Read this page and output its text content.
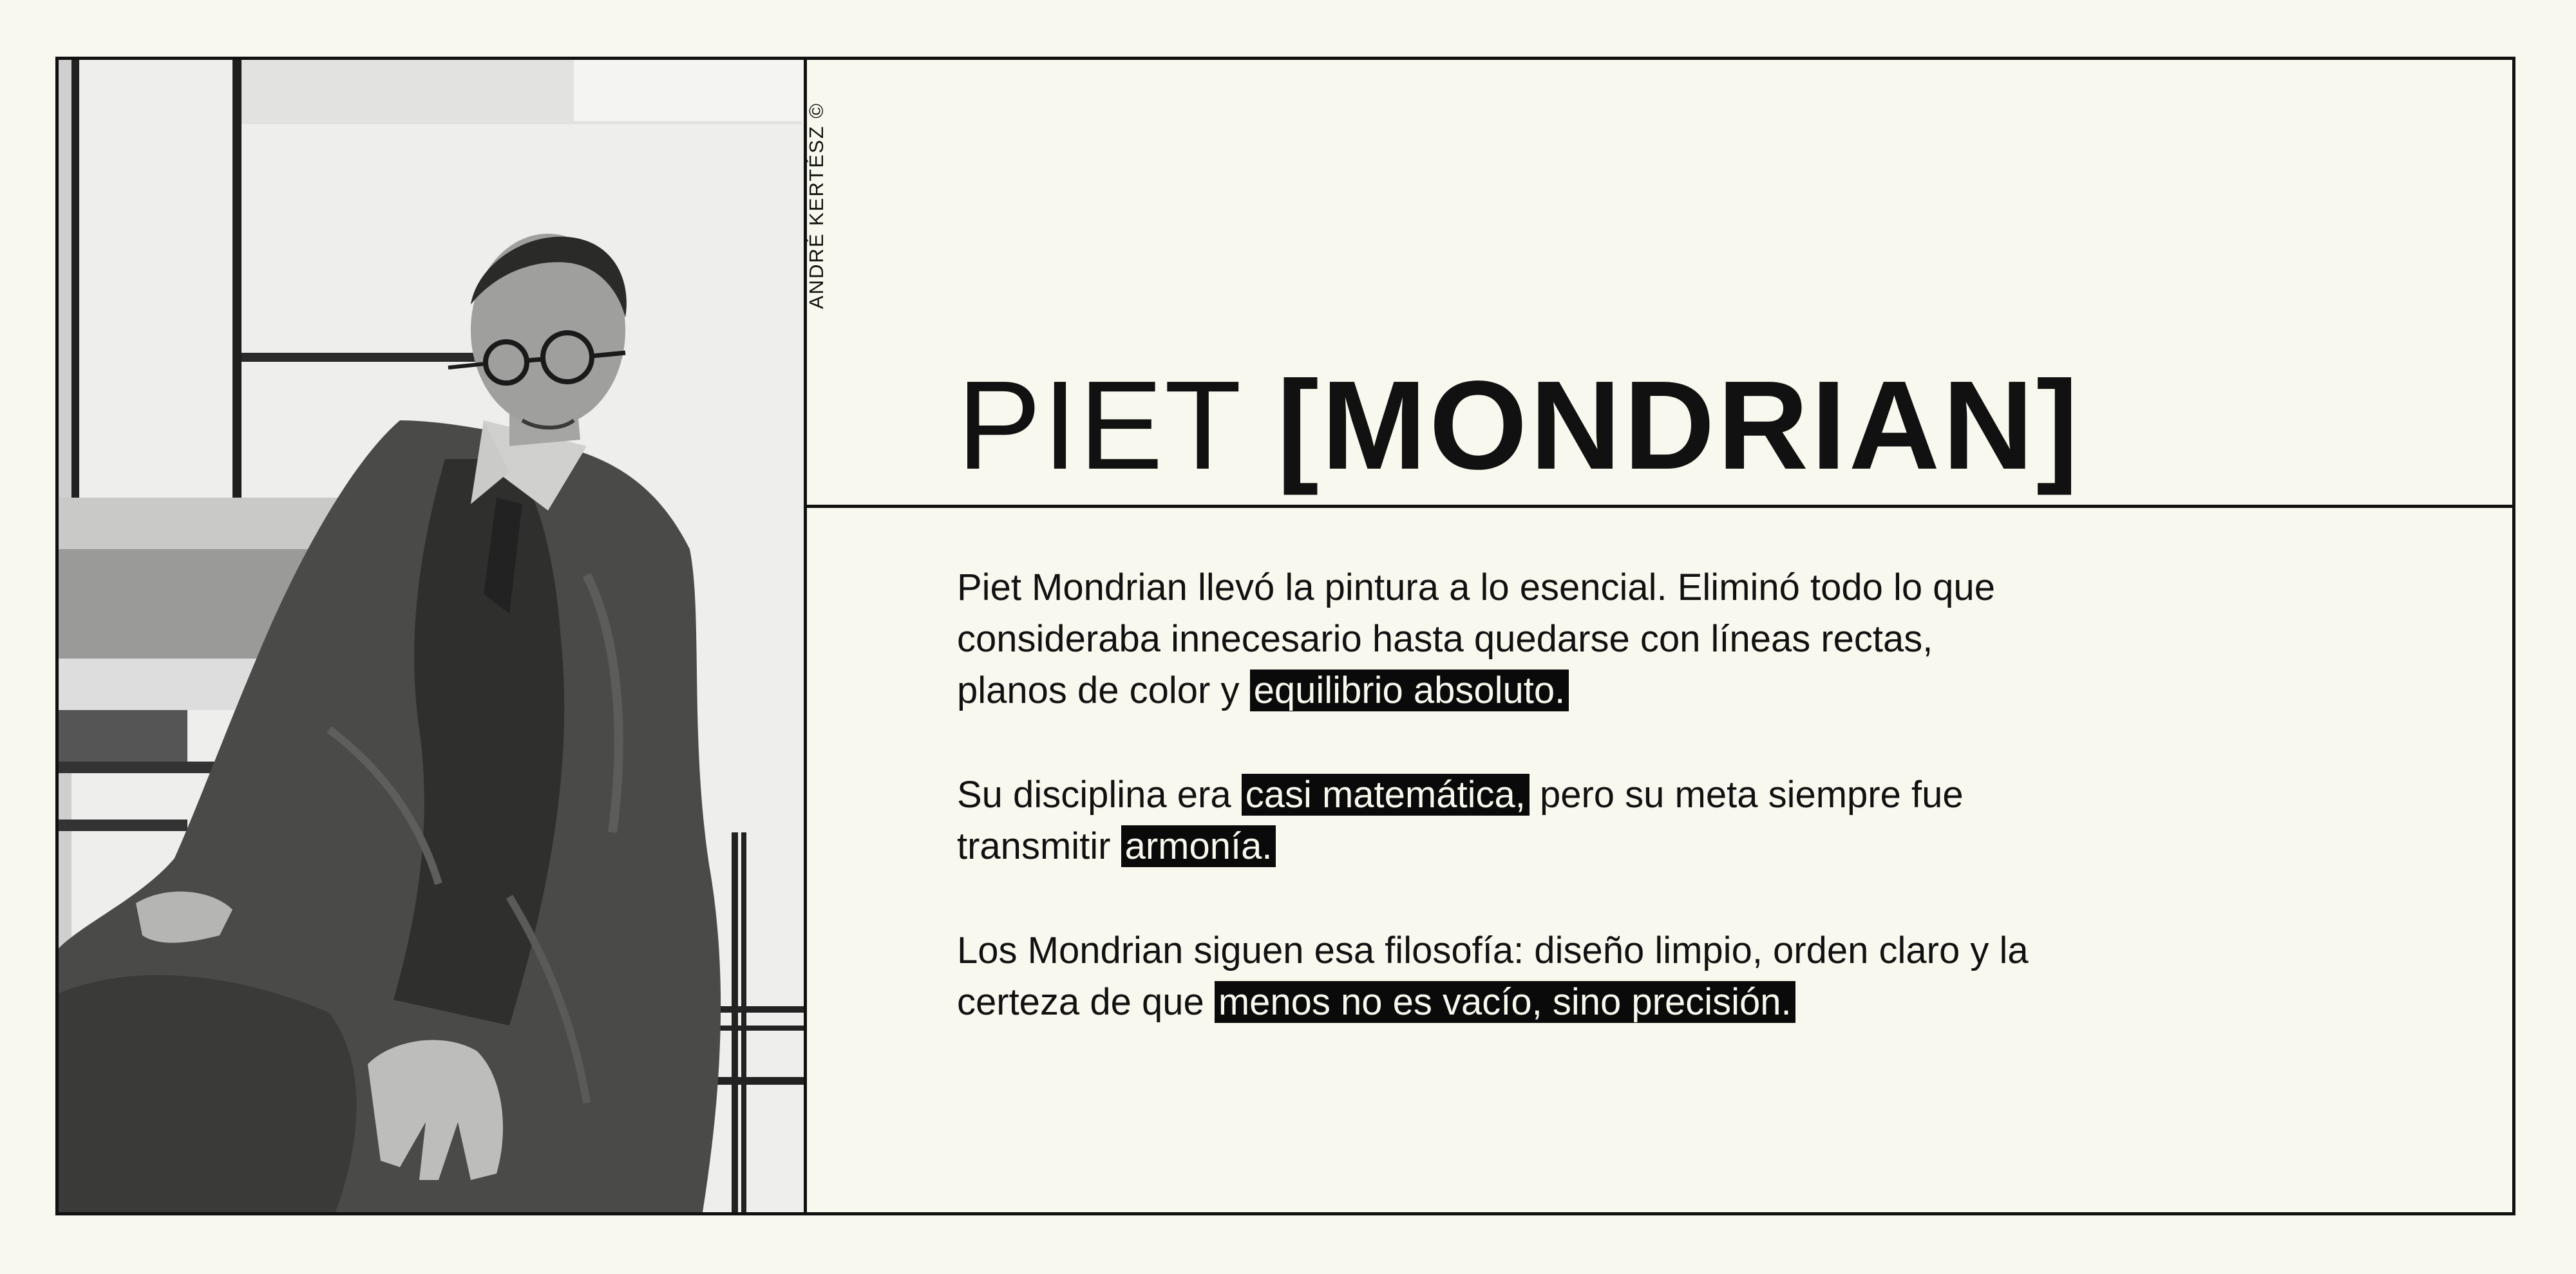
PIET [MONDRIAN]

Piet Mondrian llevó la pintura a lo esencial. Eliminó todo lo que consideraba innecesario hasta quedarse con líneas rectas, planos de color y equilibrio absoluto.

Su disciplina era casi matemática, pero su meta siempre fue transmitir armonía.

Los Mondrian siguen esa filosofía: diseño limpio, orden claro y la certeza de que menos no es vacío, sino precisión.

ANDRÉ KERTÉSZ ©
